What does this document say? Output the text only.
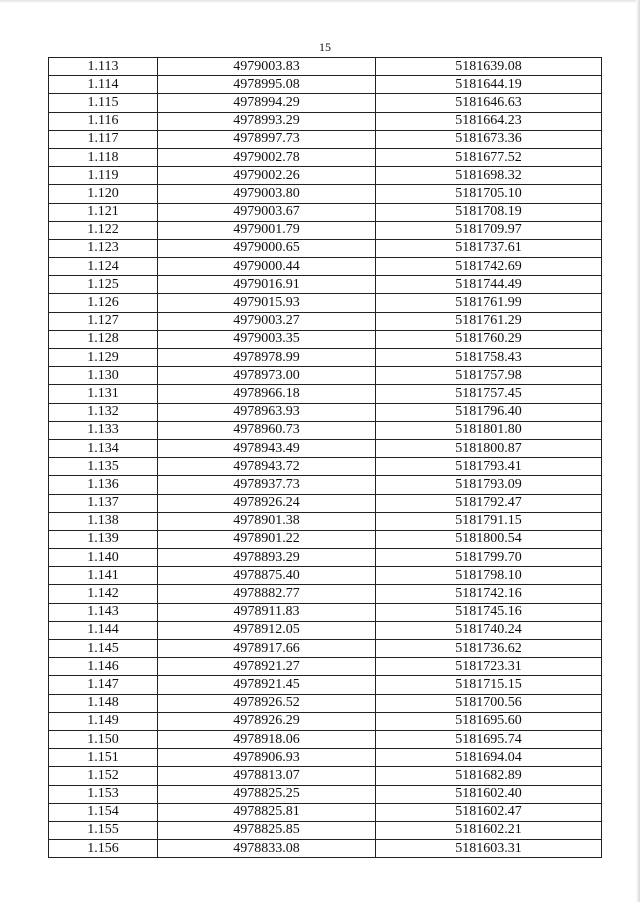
15
1.113	4979003.83	5181639.08
1.114	4978995.08	5181644.19
1.115	4978994.29	5181646.63
1.116	4978993.29	5181664.23
1.117	4978997.73	5181673.36
1.118	4979002.78	5181677.52
1.119	4979002.26	5181698.32
1.120	4979003.80	5181705.10
1.121	4979003.67	5181708.19
1.122	4979001.79	5181709.97
1.123	4979000.65	5181737.61
1.124	4979000.44	5181742.69
1.125	4979016.91	5181744.49
1.126	4979015.93	5181761.99
1.127	4979003.27	5181761.29
1.128	4979003.35	5181760.29
1.129	4978978.99	5181758.43
1.130	4978973.00	5181757.98
1.131	4978966.18	5181757.45
1.132	4978963.93	5181796.40
1.133	4978960.73	5181801.80
1.134	4978943.49	5181800.87
1.135	4978943.72	5181793.41
1.136	4978937.73	5181793.09
1.137	4978926.24	5181792.47
1.138	4978901.38	5181791.15
1.139	4978901.22	5181800.54
1.140	4978893.29	5181799.70
1.141	4978875.40	5181798.10
1.142	4978882.77	5181742.16
1.143	4978911.83	5181745.16
1.144	4978912.05	5181740.24
1.145	4978917.66	5181736.62
1.146	4978921.27	5181723.31
1.147	4978921.45	5181715.15
1.148	4978926.52	5181700.56
1.149	4978926.29	5181695.60
1.150	4978918.06	5181695.74
1.151	4978906.93	5181694.04
1.152	4978813.07	5181682.89
1.153	4978825.25	5181602.40
1.154	4978825.81	5181602.47
1.155	4978825.85	5181602.21
1.156	4978833.08	5181603.31
